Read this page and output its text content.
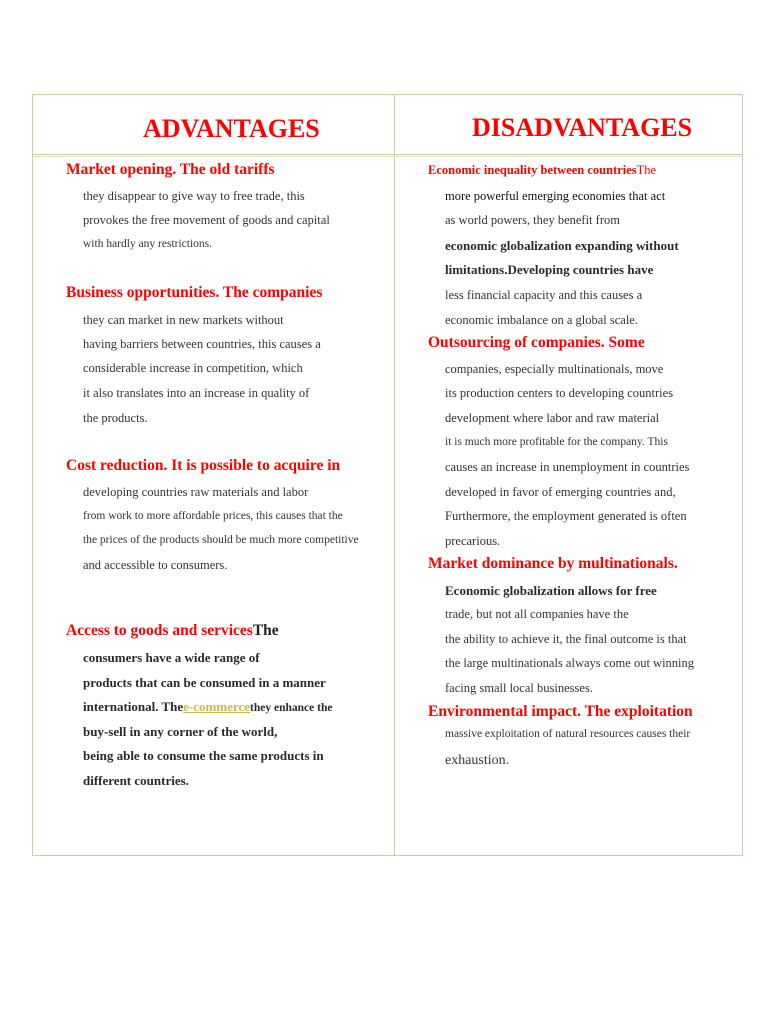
ADVANTAGES	DISADVANTAGES
Market opening. The old tariffs
they disappear to give way to free trade, this
provokes the free movement of goods and capital
with hardly any restrictions.
Business opportunities. The companies
they can market in new markets without
having barriers between countries, this causes a
considerable increase in competition, which
it also translates into an increase in quality of
the products.
Cost reduction. It is possible to acquire in
developing countries raw materials and labor
from work to more affordable prices, this causes that the
the prices of the products should be much more competitive
and accessible to consumers.
Access to goods and servicesThe
consumers have a wide range of
products that can be consumed in a manner
international. Thee-commercethey enhance the
buy-sell in any corner of the world,
being able to consume the same products in
different countries.
Economic inequality between countriesThe
more powerful emerging economies that act
as world powers, they benefit from
economic globalization expanding without
limitations.Developing countries have
less financial capacity and this causes a
economic imbalance on a global scale.
Outsourcing of companies. Some
companies, especially multinationals, move
its production centers to developing countries
development where labor and raw material
it is much more profitable for the company. This
causes an increase in unemployment in countries
developed in favor of emerging countries and,
Furthermore, the employment generated is often
precarious.
Market dominance by multinationals.
Economic globalization allows for free
trade, but not all companies have the
the ability to achieve it, the final outcome is that
the large multinationals always come out winning
facing small local businesses.
Environmental impact. The exploitation
massive exploitation of natural resources causes their
exhaustion.
